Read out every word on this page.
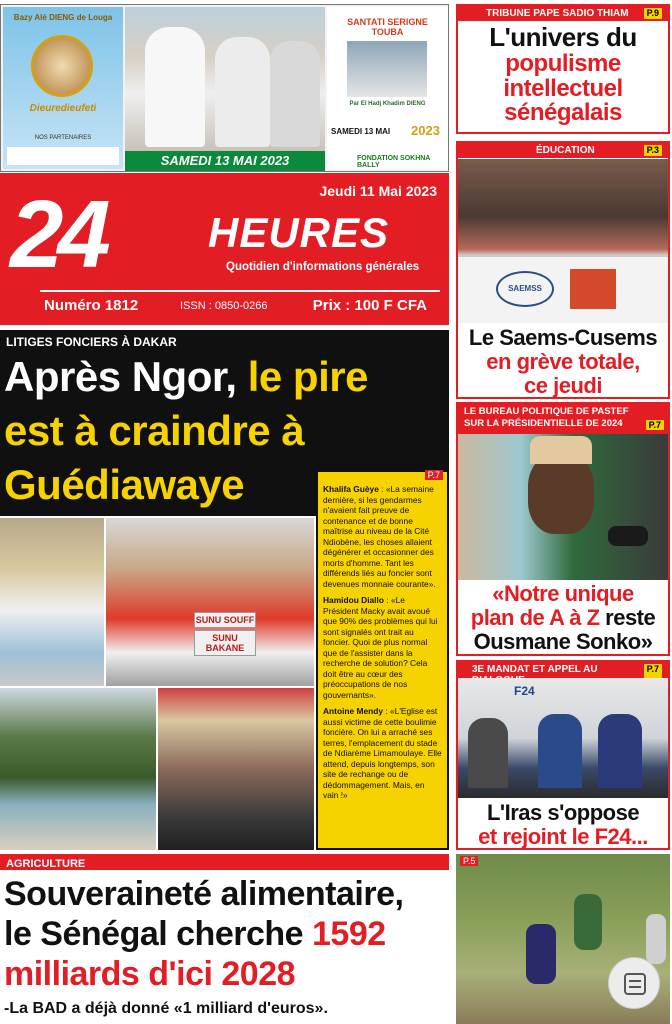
Bazy Alé DIENG de Louga
Dieuredieufeti
NOS PARTENAIRES
SANTATI SERIGNE TOUBA
Par El Hadj Khadim DIENG
SAMEDI 13 MAI	2023
FONDATION SOKHNA BALLY
SAMEDI 13 MAI 2023
Jeudi 11 Mai 2023
24 HEURES
Quotidien d'informations générales
Numéro 1812	ISSN : 0850-0266	Prix : 100 F CFA
TRIBUNE PAPE SADIO THIAM	P.9
L'univers du
populisme
intellectuel
sénégalais
ÉDUCATION	P.3
SAEMSS
Le Saems-Cusems
en grève totale,
ce jeudi
LE BUREAU POLITIQUE DE PASTEF SUR LA PRÉSIDENTIELLE DE 2024	P.7
«Notre unique
plan de A à Z reste
Ousmane Sonko»
3E MANDAT ET APPEL AU	P.7
F24
L'Iras s'oppose
et rejoint le F24...
P.5
LITIGES FONCIERS À DAKAR
Après Ngor, le pire
est à craindre à
Guédiawaye	P.7
Khalifa Guèye : «La semaine dernière, si les gendarmes n'avaient fait preuve de contenance et de bonne maîtrise au niveau de la Cité Ndiobène, les choses allaient dégénérer et occasionner des morts d'homme. Tant les différends liés au foncier sont devenues monnaie courante».
Hamidou Diallo : «Le Président Macky avait avoué que 90% des problèmes qui lui sont signalés ont trait au foncier. Quoi de plus normal que de l'assister dans la recherche de solution? Cela doit être au cœur des préoccupations de nos gouvernants».
Antoine Mendy : «L'Eglise est aussi victime de cette boulimie foncière. On lui a arraché ses terres, l'emplacement du stade de Ndiarème Limamoulaye. Elle attend, depuis longtemps, son site de rechange ou de dédommagement. Mais, en vain !»
SUNU SOUFF
SUNU BAKANE
AGRICULTURE
Souveraineté alimentaire,
le Sénégal cherche 1592
milliards d'ici 2028
-La BAD a déjà donné «1 milliard d'euros».
